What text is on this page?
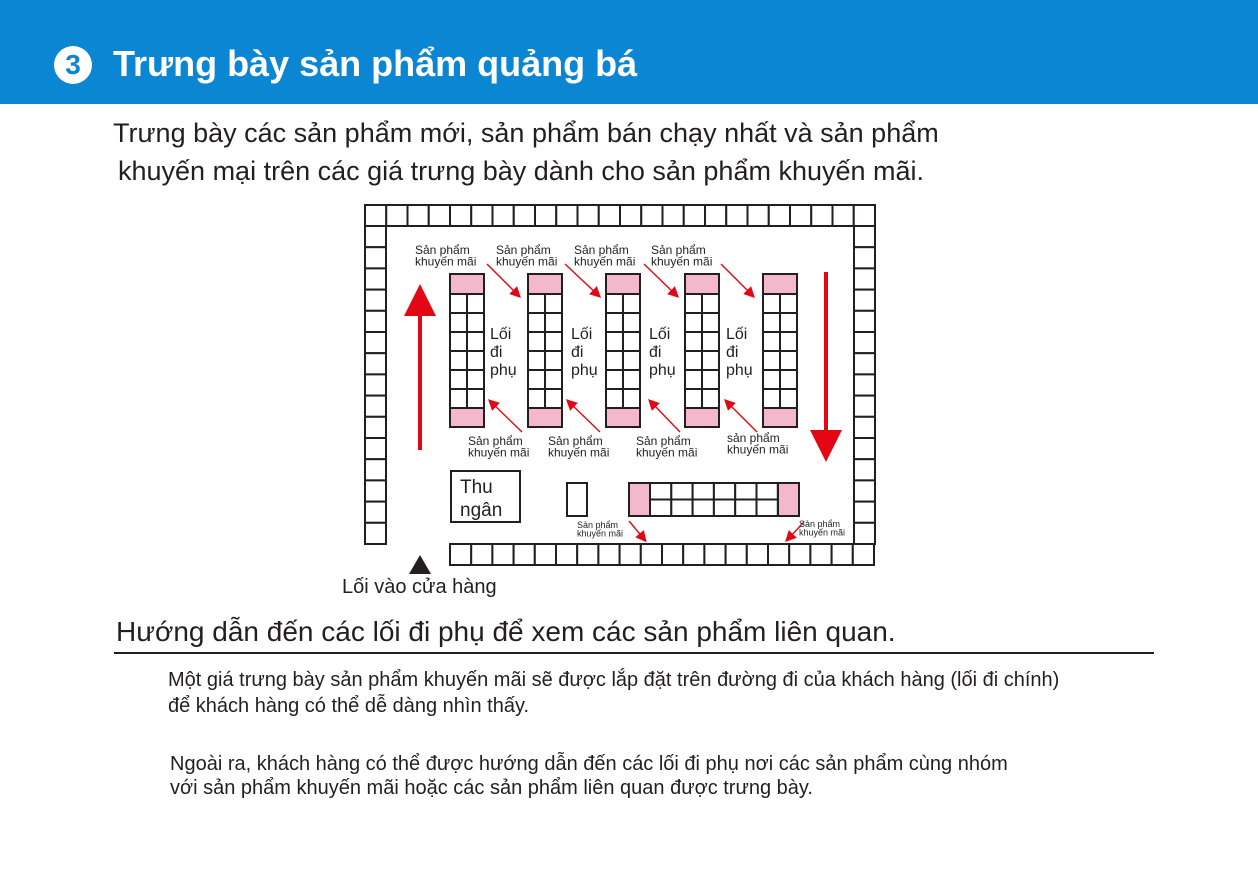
3 Trưng bày sản phẩm quảng bá
Trưng bày các sản phẩm mới, sản phẩm bán chạy nhất và sản phẩm
khuyến mại trên các giá trưng bày dành cho sản phẩm khuyến mãi.
Sản phẩm
khuyến mãi
Sản phẩm
khuyến mãi
Sản phẩm
khuyến mãi
Sản phẩm
khuyến mãi
Sản phẩm
khuyến mãi
Sản phẩm
khuyến mãi
Sản phẩm
khuyến mãi
sản phẩm
khuyến mãi
Sản phẩm
khuyến mãi
Sản phẩm
khuyến mãi
Lối
đi
phụ
Lối
đi
phụ
Lối
đi
phụ
Lối
đi
phụ
Thu
ngân
Lối vào cửa hàng
Hướng dẫn đến các lối đi phụ để xem các sản phẩm liên quan.
Một giá trưng bày sản phẩm khuyến mãi sẽ được lắp đặt trên đường đi của khách hàng (lối đi chính)
để khách hàng có thể dễ dàng nhìn thấy.
Ngoài ra, khách hàng có thể được hướng dẫn đến các lối đi phụ nơi các sản phẩm cùng nhóm
với sản phẩm khuyến mãi hoặc các sản phẩm liên quan được trưng bày.
